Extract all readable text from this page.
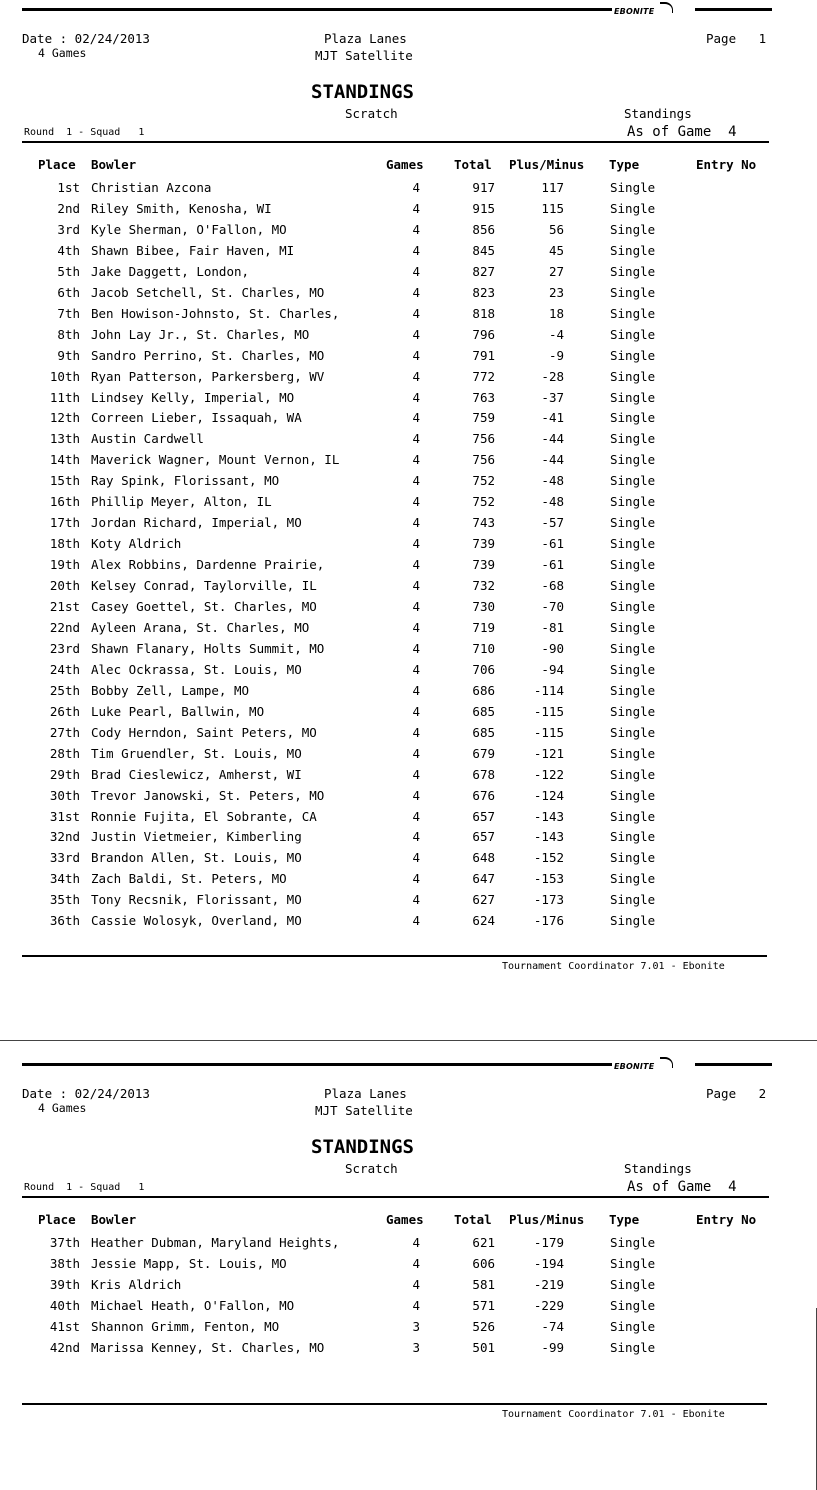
EBONITE
Date : 02/24/2013
4 Games
Plaza Lanes
MJT Satellite
Page   1
STANDINGS
Scratch	Standings
As of Game  4
Round  1 - Squad   1
Place Bowler	Games Total Plus/Minus Type	Entry No
1st Christian Azcona	4	917	117	Single
2nd Riley Smith, Kenosha, WI	4	915	115	Single
3rd Kyle Sherman, O'Fallon, MO	4	856	56	Single
4th Shawn Bibee, Fair Haven, MI	4	845	45	Single
5th Jake Daggett, London,	4	827	27	Single
6th Jacob Setchell, St. Charles, MO	4	823	23	Single
7th Ben Howison-Johnsto, St. Charles,	4	818	18	Single
8th John Lay Jr., St. Charles, MO	4	796	-4	Single
9th Sandro Perrino, St. Charles, MO	4	791	-9	Single
10th Ryan Patterson, Parkersberg, WV	4	772	-28	Single
11th Lindsey Kelly, Imperial, MO	4	763	-37	Single
12th Correen Lieber, Issaquah, WA	4	759	-41	Single
13th Austin Cardwell	4	756	-44	Single
14th Maverick Wagner, Mount Vernon, IL	4	756	-44	Single
15th Ray Spink, Florissant, MO	4	752	-48	Single
16th Phillip Meyer, Alton, IL	4	752	-48	Single
17th Jordan Richard, Imperial, MO	4	743	-57	Single
18th Koty Aldrich	4	739	-61	Single
19th Alex Robbins, Dardenne Prairie,	4	739	-61	Single
20th Kelsey Conrad, Taylorville, IL	4	732	-68	Single
21st Casey Goettel, St. Charles, MO	4	730	-70	Single
22nd Ayleen Arana, St. Charles, MO	4	719	-81	Single
23rd Shawn Flanary, Holts Summit, MO	4	710	-90	Single
24th Alec Ockrassa, St. Louis, MO	4	706	-94	Single
25th Bobby Zell, Lampe, MO	4	686	-114	Single
26th Luke Pearl, Ballwin, MO	4	685	-115	Single
27th Cody Herndon, Saint Peters, MO	4	685	-115	Single
28th Tim Gruendler, St. Louis, MO	4	679	-121	Single
29th Brad Cieslewicz, Amherst, WI	4	678	-122	Single
30th Trevor Janowski, St. Peters, MO	4	676	-124	Single
31st Ronnie Fujita, El Sobrante, CA	4	657	-143	Single
32nd Justin Vietmeier, Kimberling	4	657	-143	Single
33rd Brandon Allen, St. Louis, MO	4	648	-152	Single
34th Zach Baldi, St. Peters, MO	4	647	-153	Single
35th Tony Recsnik, Florissant, MO	4	627	-173	Single
36th Cassie Wolosyk, Overland, MO	4	624	-176	Single
Tournament Coordinator 7.01 - Ebonite
EBONITE
Date : 02/24/2013
4 Games
Plaza Lanes
MJT Satellite
Page   2
STANDINGS
Scratch	Standings
As of Game  4
Round  1 - Squad   1
Place Bowler	Games Total Plus/Minus Type	Entry No
37th Heather Dubman, Maryland Heights,	4	621	-179	Single
38th Jessie Mapp, St. Louis, MO	4	606	-194	Single
39th Kris Aldrich	4	581	-219	Single
40th Michael Heath, O'Fallon, MO	4	571	-229	Single
41st Shannon Grimm, Fenton, MO	3	526	-74	Single
42nd Marissa Kenney, St. Charles, MO	3	501	-99	Single
Tournament Coordinator 7.01 - Ebonite
